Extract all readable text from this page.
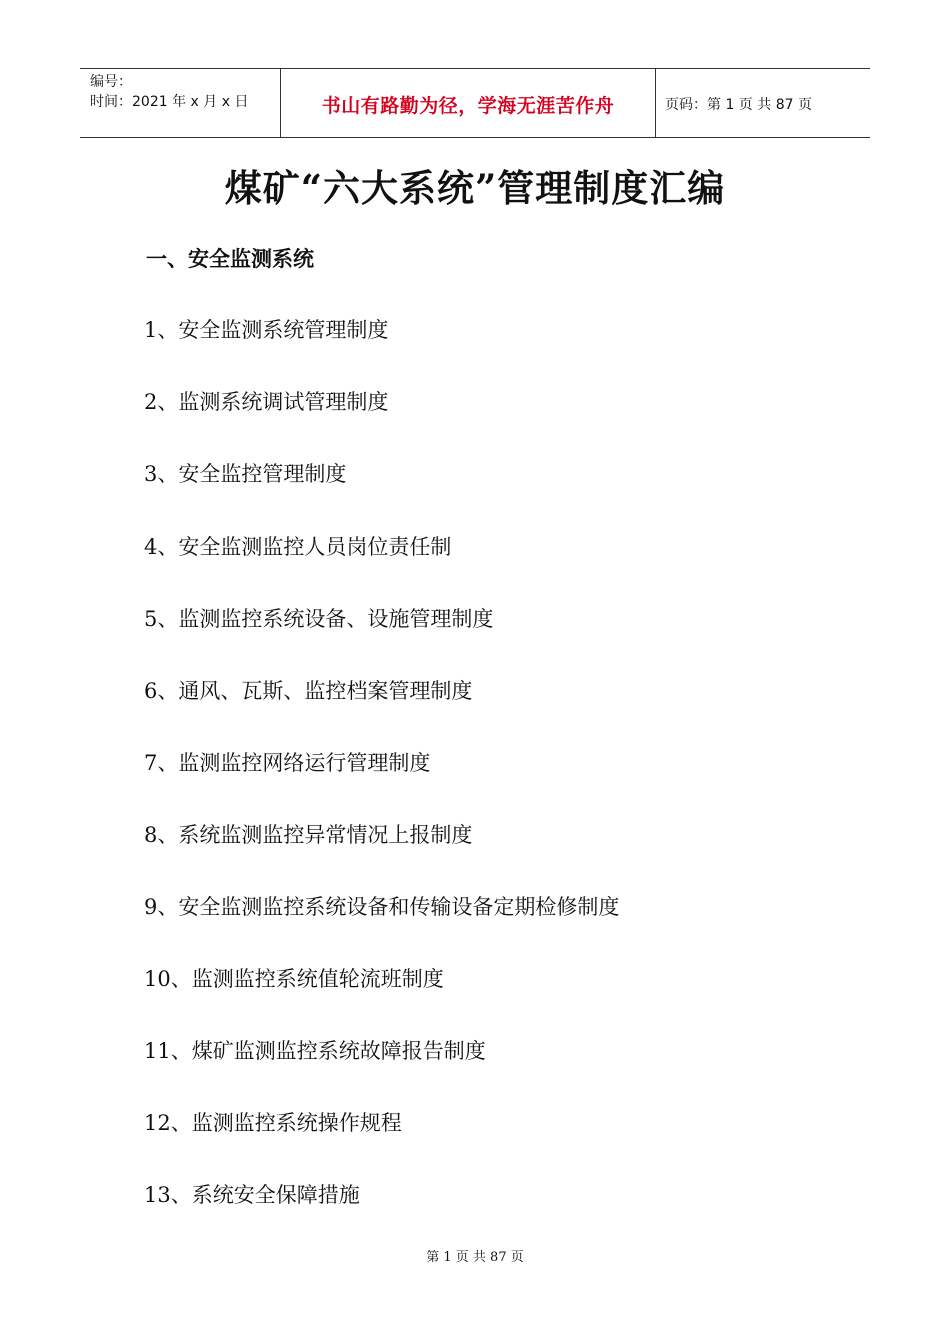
编号：
时间：2021 年 x 月 x 日	书山有路勤为径，学海无涯苦作舟	页码：第 1 页 共 87 页
煤矿“六大系统”管理制度汇编
一、安全监测系统
1、安全监测系统管理制度
2、监测系统调试管理制度
3、安全监控管理制度
4、安全监测监控人员岗位责任制
5、监测监控系统设备、设施管理制度
6、通风、瓦斯、监控档案管理制度
7、监测监控网络运行管理制度
8、系统监测监控异常情况上报制度
9、安全监测监控系统设备和传输设备定期检修制度
10、监测监控系统值轮流班制度
11、煤矿监测监控系统故障报告制度
12、监测监控系统操作规程
13、系统安全保障措施
第 1 页 共 87 页
